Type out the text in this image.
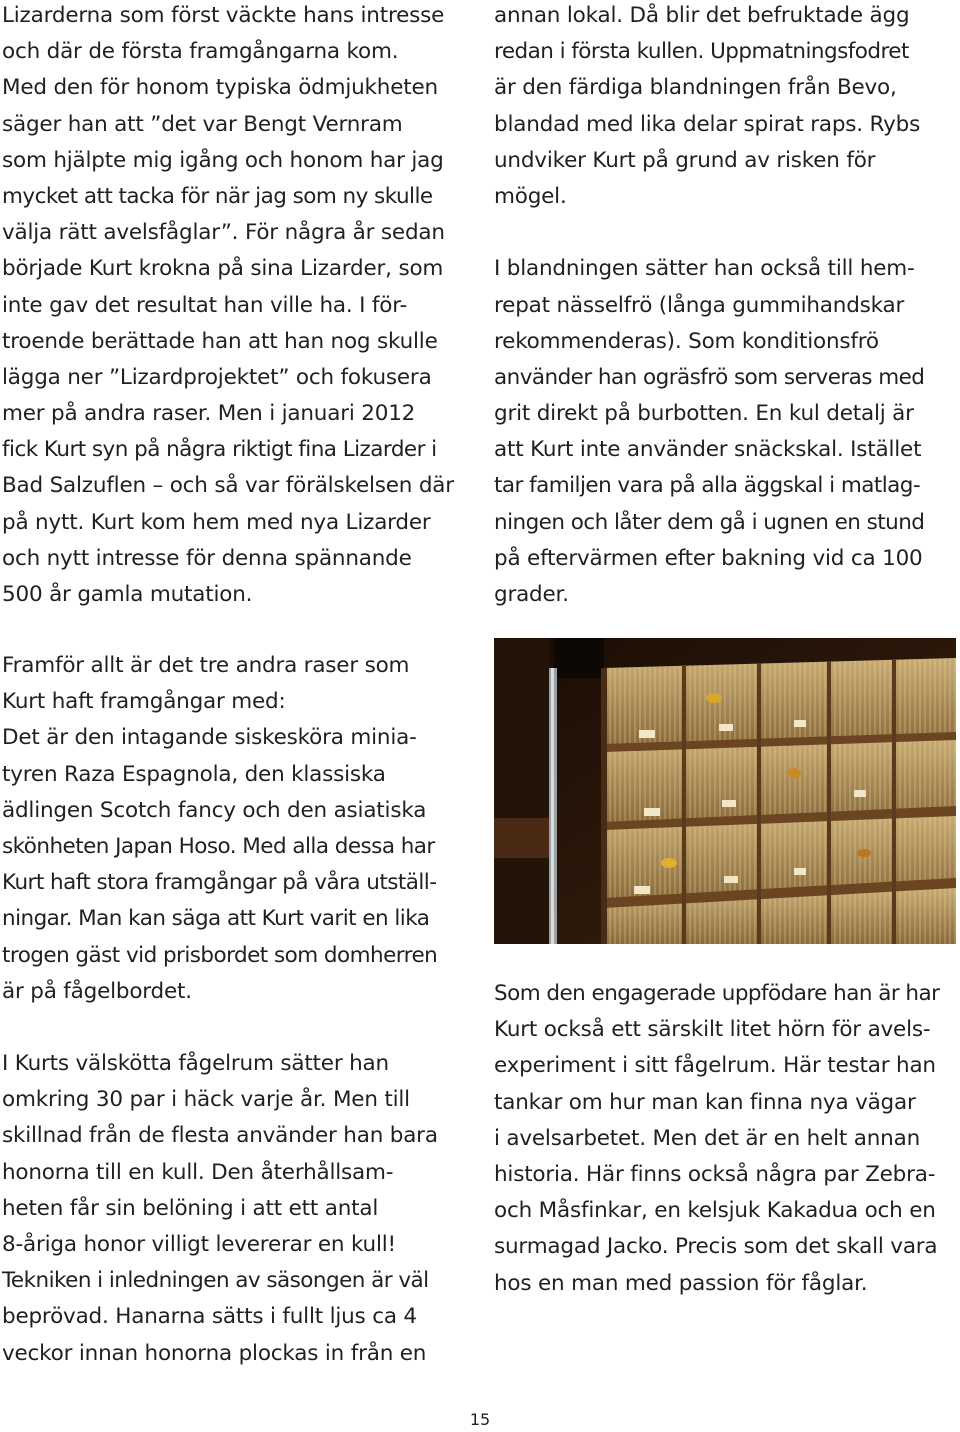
Lizarderna som först väckte hans intresse
och där de första framgångarna kom.
Med den för honom typiska ödmjukheten
säger han att ”det var Bengt Vernram
som hjälpte mig igång och honom har jag
mycket att tacka för när jag som ny skulle
välja rätt avelsfåglar”. För några år sedan
började Kurt krokna på sina Lizarder, som
inte gav det resultat han ville ha. I för-
troende berättade han att han nog skulle
lägga ner ”Lizardprojektet” och fokusera
mer på andra raser. Men i januari 2012
fick Kurt syn på några riktigt fina Lizarder i
Bad Salzuflen – och så var förälskelsen där
på nytt. Kurt kom hem med nya Lizarder
och nytt intresse för denna spännande
500 år gamla mutation.
Framför allt är det tre andra raser som
Kurt haft framgångar med:
Det är den intagande siskesköra minia-
tyren Raza Espagnola, den klassiska
ädlingen Scotch fancy och den asiatiska
skönheten Japan Hoso. Med alla dessa har
Kurt haft stora framgångar på våra utställ-
ningar. Man kan säga att Kurt varit en lika
trogen gäst vid prisbordet som domherren
är på fågelbordet.
I Kurts välskötta fågelrum sätter han
omkring 30 par i häck varje år. Men till
skillnad från de flesta använder han bara
honorna till en kull. Den återhållsam-
heten får sin belöning i att ett antal
8-åriga honor villigt levererar en kull!
Tekniken i inledningen av säsongen är väl
beprövad. Hanarna sätts i fullt ljus ca 4
veckor innan honorna plockas in från en
annan lokal. Då blir det befruktade ägg
redan i första kullen. Uppmatningsfodret
är den färdiga blandningen från Bevo,
blandad med lika delar spirat raps. Rybs
undviker Kurt på grund av risken för
mögel.
I blandningen sätter han också till hem-
repat nässelfrö (långa gummihandskar
rekommenderas). Som konditionsfrö
använder han ogräsfrö som serveras med
grit direkt på burbotten. En kul detalj är
att Kurt inte använder snäckskal. Istället
tar familjen vara på alla äggskal i matlag-
ningen och låter dem gå i ugnen en stund
på eftervärmen efter bakning vid ca 100
grader.
Som den engagerade uppfödare han är har
Kurt också ett särskilt litet hörn för avels-
experiment i sitt fågelrum. Här testar han
tankar om hur man kan finna nya vägar
i avelsarbetet. Men det är en helt annan
historia. Här finns också några par Zebra-
och Måsfinkar, en kelsjuk Kakadua och en
surmagad Jacko. Precis som det skall vara
hos en man med passion för fåglar.
15
